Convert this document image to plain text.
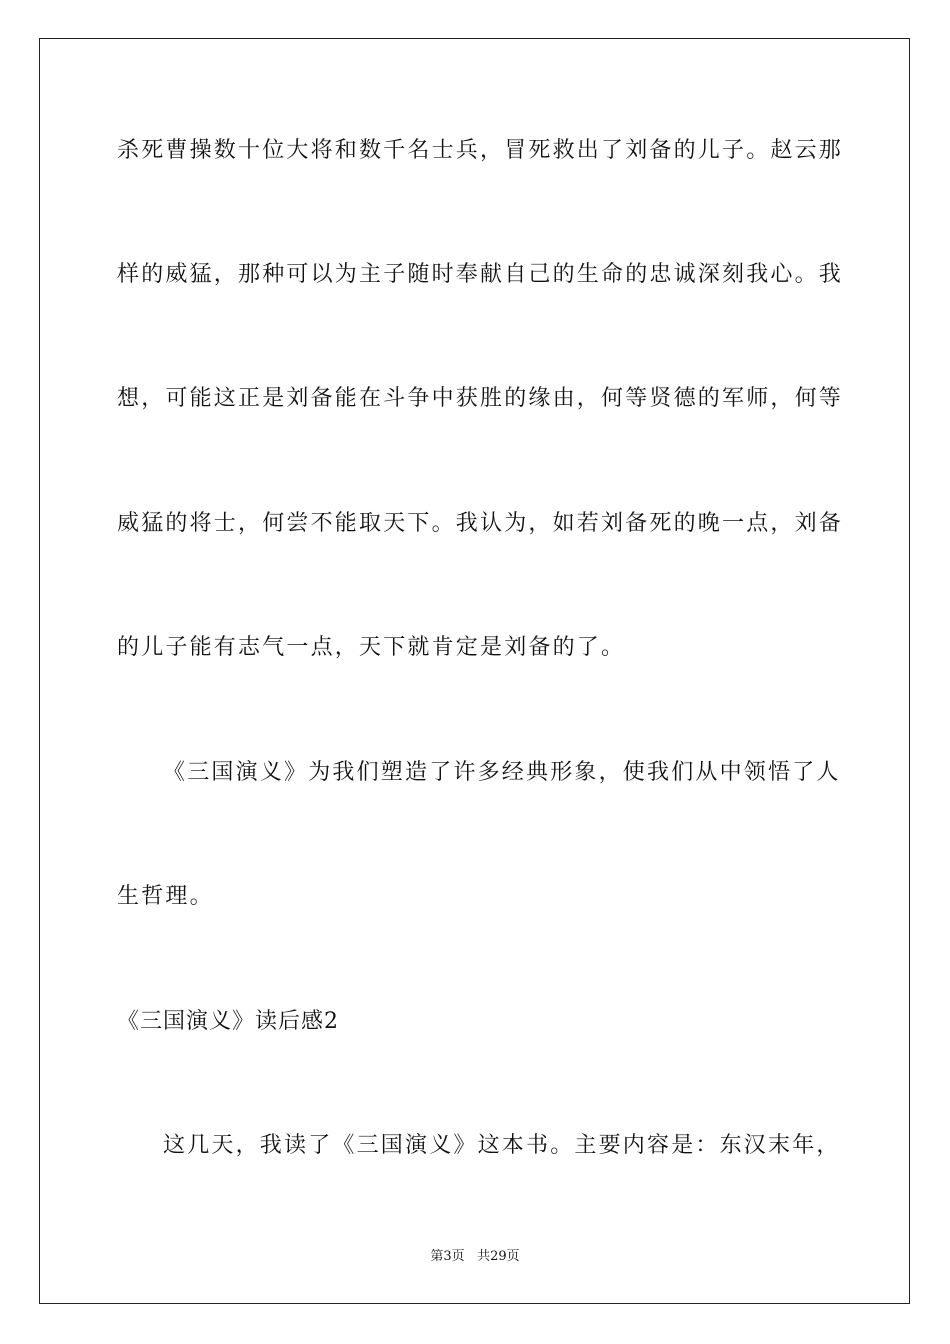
杀死曹操数十位大将和数千名士兵，冒死救出了刘备的儿子。赵云那
样的威猛，那种可以为主子随时奉献自己的生命的忠诚深刻我心。我
想，可能这正是刘备能在斗争中获胜的缘由，何等贤德的军师，何等
威猛的将士，何尝不能取天下。我认为，如若刘备死的晚一点，刘备
的儿子能有志气一点，天下就肯定是刘备的了。
《三国演义》为我们塑造了许多经典形象，使我们从中领悟了人
生哲理。
《三国演义》读后感2
这几天，我读了《三国演义》这本书。主要内容是：东汉末年，
第3页 共29页
